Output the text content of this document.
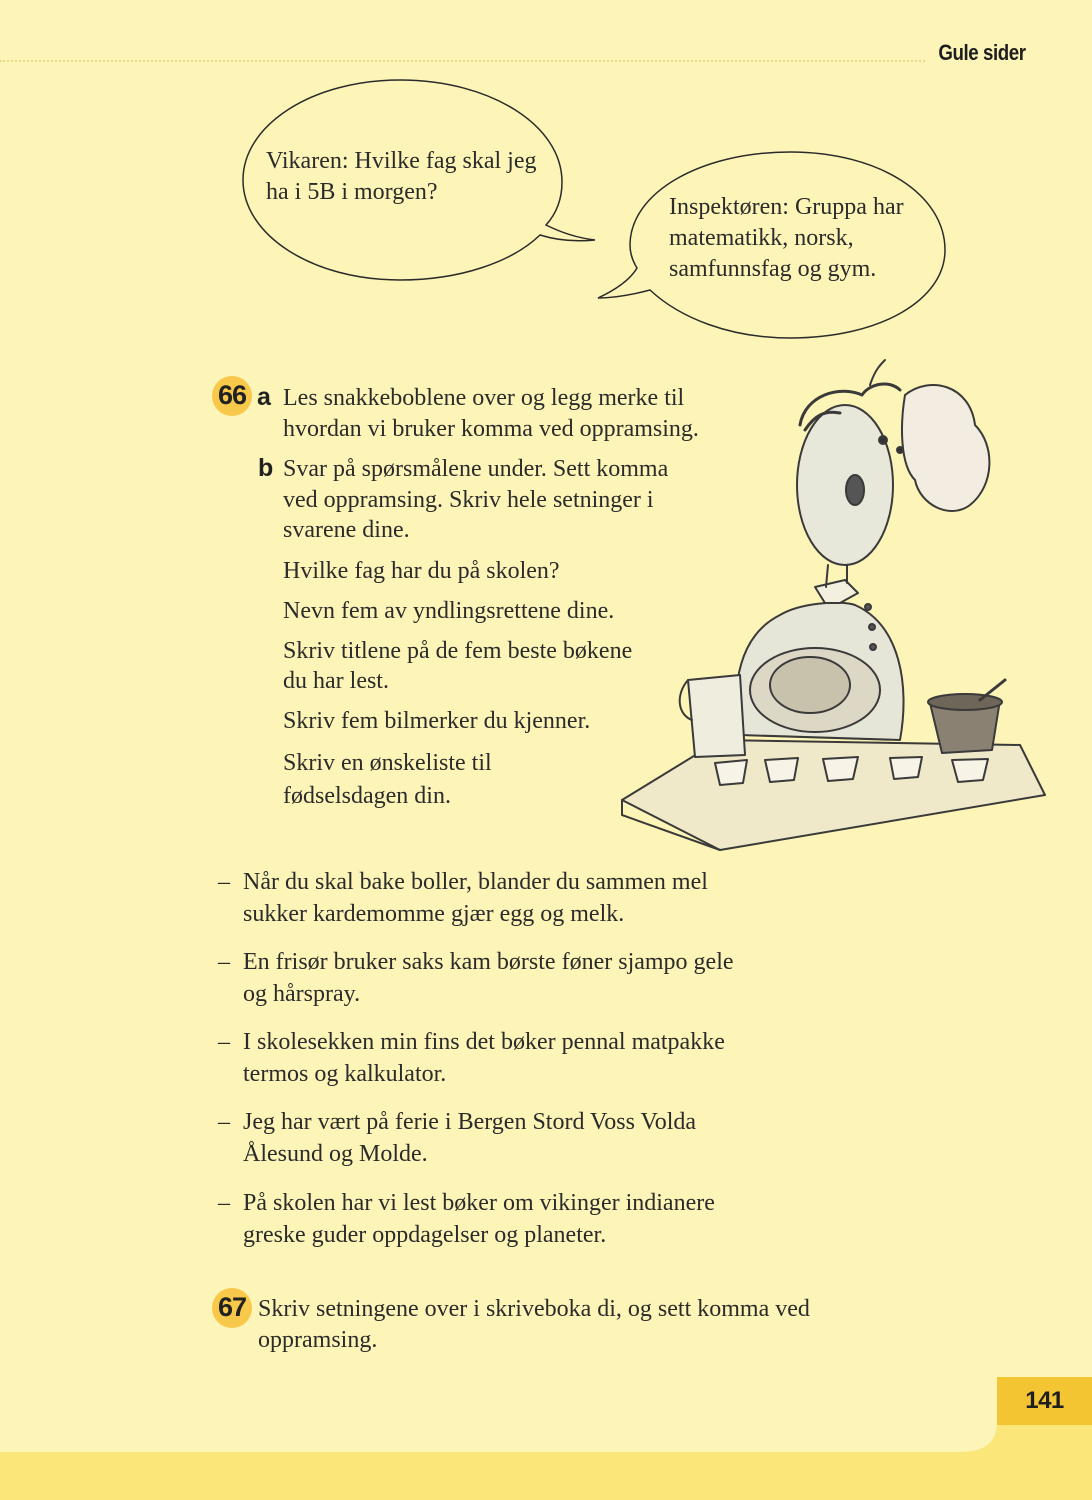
Gule sider
Vikaren: Hvilke fag skal jeg ha i 5B i morgen?
Inspektøren: Gruppa har matematikk, norsk, samfunnsfag og gym.
66 a Les snakkeboblene over og legg merke til
hvordan vi bruker komma ved oppramsing.
b Svar på spørsmålene under. Sett komma
ved oppramsing. Skriv hele setninger i
svarene dine.
Hvilke fag har du på skolen?
Nevn fem av yndlingsrettene dine.
Skriv titlene på de fem beste bøkene
du har lest.
Skriv fem bilmerker du kjenner.
Skriv en ønskeliste til
fødselsdagen din.
– Når du skal bake boller, blander du sammen mel
sukker kardemomme gjær egg og melk.
– En frisør bruker saks kam børste føner sjampo gele
og hårspray.
– I skolesekken min fins det bøker pennal matpakke
termos og kalkulator.
– Jeg har vært på ferie i Bergen Stord Voss Volda
Ålesund og Molde.
– På skolen har vi lest bøker om vikinger indianere
greske guder oppdagelser og planeter.
67 Skriv setningene over i skriveboka di, og sett komma ved
oppramsing.
141
